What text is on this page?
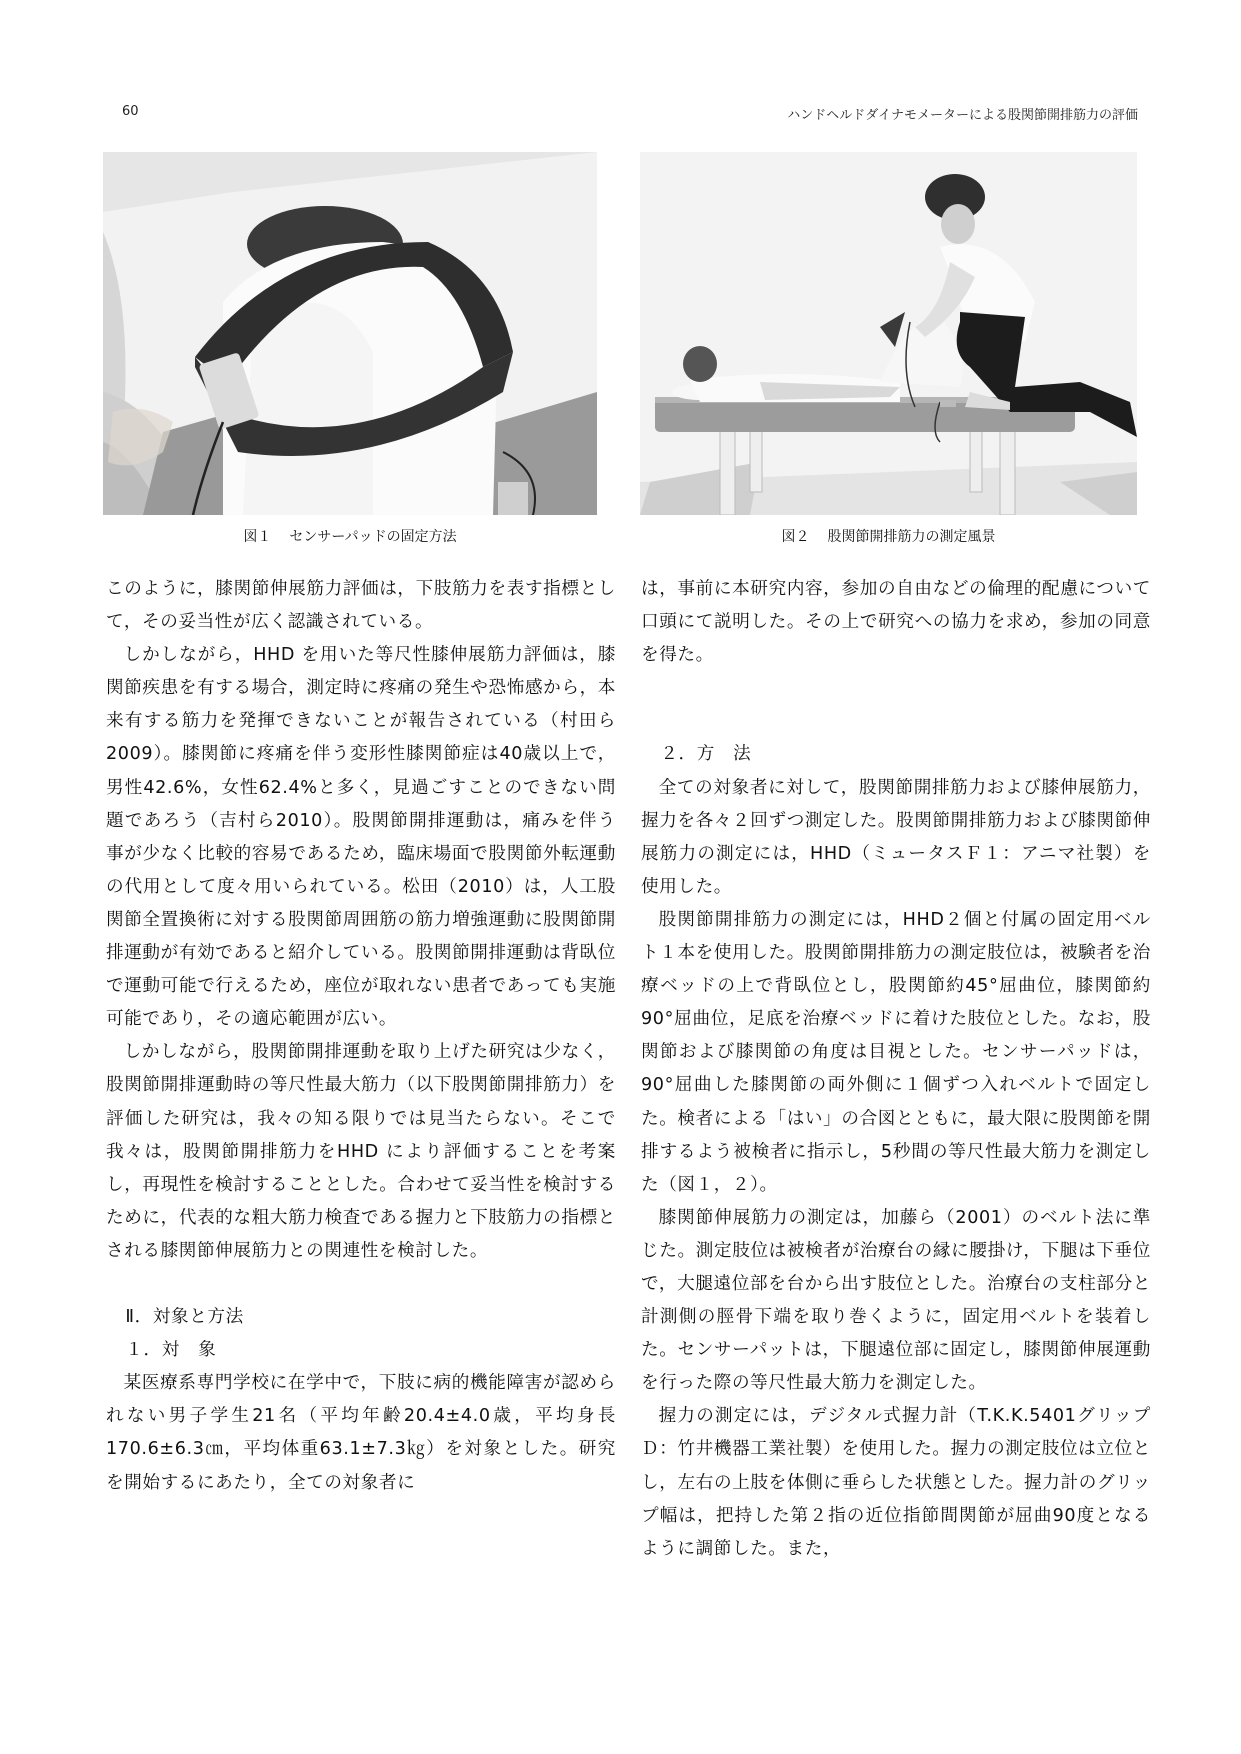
60	ハンドヘルドダイナモメーターによる股関節開排筋力の評価
図１ センサーパッドの固定方法	図２ 股関節開排筋力の測定風景

このように，膝関節伸展筋力評価は，下肢筋力を表す指標として，その妥当性が広く認識されている。

しかしながら，HHD を用いた等尺性膝伸展筋力評価は，膝関節疾患を有する場合，測定時に疼痛の発生や恐怖感から，本来有する筋力を発揮できないことが報告されている（村田ら2009）。膝関節に疼痛を伴う変形性膝関節症は40歳以上で，男性42.6%，女性62.4%と多く，見過ごすことのできない問題であろう（吉村ら2010）。股関節開排運動は，痛みを伴う事が少なく比較的容易であるため，臨床場面で股関節外転運動の代用として度々用いられている。松田（2010）は，人工股関節全置換術に対する股関節周囲筋の筋力増強運動に股関節開排運動が有効であると紹介している。股関節開排運動は背臥位で運動可能で行えるため，座位が取れない患者であっても実施可能であり，その適応範囲が広い。

しかしながら，股関節開排運動を取り上げた研究は少なく，股関節開排運動時の等尺性最大筋力（以下股関節開排筋力）を評価した研究は，我々の知る限りでは見当たらない。そこで我々は，股関節開排筋力をHHD により評価することを考案し，再現性を検討することとした。合わせて妥当性を検討するために，代表的な粗大筋力検査である握力と下肢筋力の指標とされる膝関節伸展筋力との関連性を検討した。

Ⅱ．対象と方法
１．対　象

某医療系専門学校に在学中で，下肢に病的機能障害が認められない男子学生21名（平均年齢20.4±4.0歳，平均身長170.6±6.3㎝，平均体重63.1±7.3㎏）を対象とした。研究を開始するにあたり，全ての対象者に

は，事前に本研究内容，参加の自由などの倫理的配慮について口頭にて説明した。その上で研究への協力を求め，参加の同意を得た。

２．方　法

全ての対象者に対して，股関節開排筋力および膝伸展筋力，握力を各々２回ずつ測定した。股関節開排筋力および膝関節伸展筋力の測定には，HHD（ミュータスＦ１：アニマ社製）を使用した。

股関節開排筋力の測定には，HHD２個と付属の固定用ベルト１本を使用した。股関節開排筋力の測定肢位は，被験者を治療ベッドの上で背臥位とし，股関節約45°屈曲位，膝関節約90°屈曲位，足底を治療ベッドに着けた肢位とした。なお，股関節および膝関節の角度は目視とした。センサーパッドは，90°屈曲した膝関節の両外側に１個ずつ入れベルトで固定した。検者による「はい」の合図とともに，最大限に股関節を開排するよう被検者に指示し，5秒間の等尺性最大筋力を測定した（図１，２）。

膝関節伸展筋力の測定は，加藤ら（2001）のベルト法に準じた。測定肢位は被検者が治療台の縁に腰掛け，下腿は下垂位で，大腿遠位部を台から出す肢位とした。治療台の支柱部分と計測側の脛骨下端を取り巻くように，固定用ベルトを装着した。センサーパットは，下腿遠位部に固定し，膝関節伸展運動を行った際の等尺性最大筋力を測定した。

握力の測定には，デジタル式握力計（T.K.K.5401グリップＤ：竹井機器工業社製）を使用した。握力の測定肢位は立位とし，左右の上肢を体側に垂らした状態とした。握力計のグリップ幅は，把持した第２指の近位指節間関節が屈曲90度となるように調節した。また，
